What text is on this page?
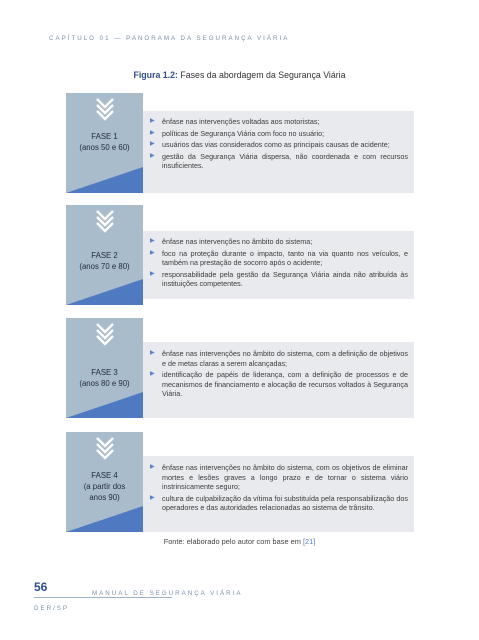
CAPÍTULO 01 — PANORAMA DA SEGURANÇA VIÁRIA
Figura 1.2: Fases da abordagem da Segurança Viária
FASE 1
(anos 50 e 60)
▶ ênfase nas intervenções voltadas aos motoristas;
▶ políticas de Segurança Viária com foco no usuário;
▶ usuários das vias considerados como as principais causas de acidente;
▶ gestão da Segurança Viária dispersa, não coordenada e com recursos insuficientes.
FASE 2
(anos 70 e 80)
▶ ênfase nas intervenções no âmbito do sistema;
▶ foco na proteção durante o impacto, tanto na via quanto nos veículos, e também na prestação de socorro após o acidente;
▶ responsabilidade pela gestão da Segurança Viária ainda não atribuída às instituições competentes.
FASE 3
(anos 80 e 90)
▶ ênfase nas intervenções no âmbito do sistema, com a definição de objetivos e de metas claras a serem alcançadas;
▶ identificação de papéis de liderança, com a definição de processos e de mecanismos de financiamento e alocação de recursos voltados à Segurança Viária.
FASE 4
(a partir dos anos 90)
▶ ênfase nas intervenções no âmbito do sistema, com os objetivos de eliminar mortes e lesões graves a longo prazo e de tornar o sistema viário instrinsicamente seguro;
▶ cultura de culpabilização da vítima foi substituída pela responsabilização dos operadores e das autoridades relacionadas ao sistema de trânsito.
Fonte: elaborado pelo autor com base em [21]
56	MANUAL DE SEGURANÇA VIÁRIA
DER/SP
